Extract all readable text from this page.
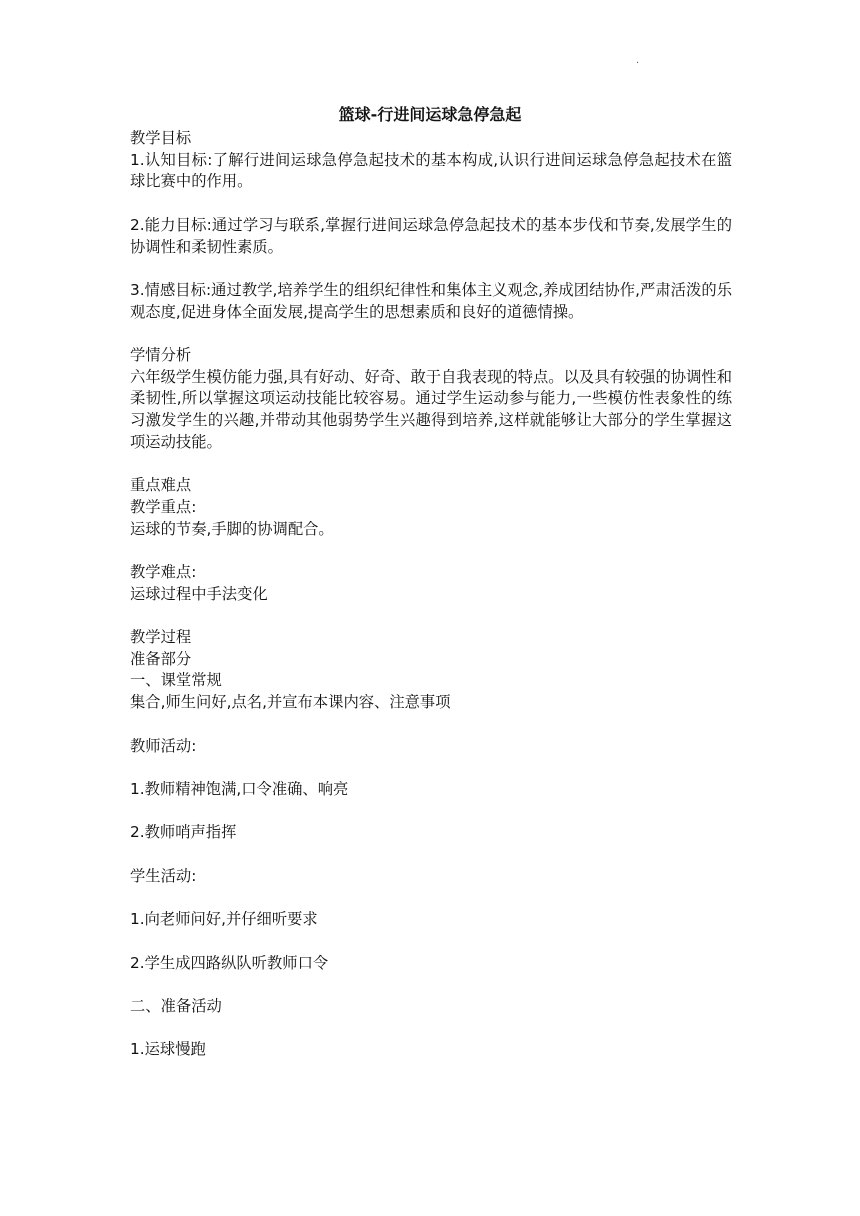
·
篮球-行进间运球急停急起

教学目标

1.认知目标:了解行进间运球急停急起技术的基本构成,认识行进间运球急停急起技术在篮球比赛中的作用。

2.能力目标:通过学习与联系,掌握行进间运球急停急起技术的基本步伐和节奏,发展学生的协调性和柔韧性素质。

3.情感目标:通过教学,培养学生的组织纪律性和集体主义观念,养成团结协作,严肃活泼的乐观态度,促进身体全面发展,提高学生的思想素质和良好的道德情操。

学情分析

六年级学生模仿能力强,具有好动、好奇、敢于自我表现的特点。以及具有较强的协调性和柔韧性,所以掌握这项运动技能比较容易。通过学生运动参与能力,一些模仿性表象性的练习激发学生的兴趣,并带动其他弱势学生兴趣得到培养,这样就能够让大部分的学生掌握这项运动技能。

重点难点

教学重点:

运球的节奏,手脚的协调配合。

教学难点:

运球过程中手法变化

教学过程

准备部分

一、课堂常规

集合,师生问好,点名,并宣布本课内容、注意事项

教师活动:

1.教师精神饱满,口令准确、响亮

2.教师哨声指挥

学生活动:

1.向老师问好,并仔细听要求

2.学生成四路纵队听教师口令

二、准备活动

1.运球慢跑
